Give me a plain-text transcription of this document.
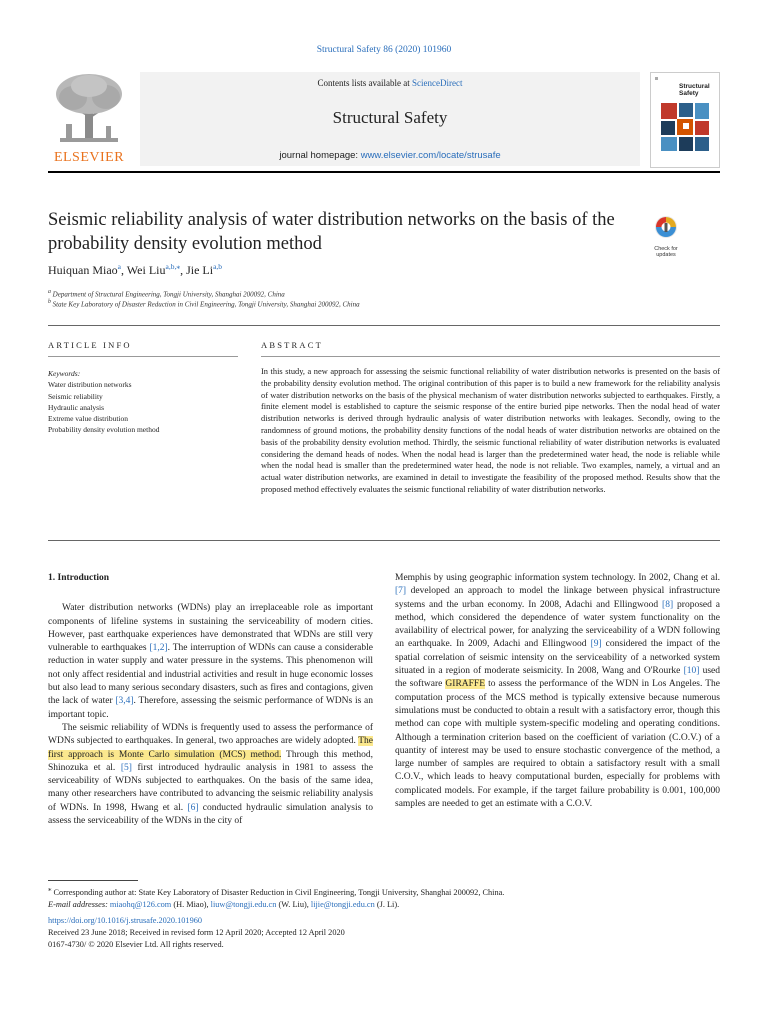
Structural Safety 86 (2020) 101960
ELSEVIER
Contents lists available at ScienceDirect
Structural Safety
journal homepage: www.elsevier.com/locate/strusafe
Structural
Safety
Seismic reliability analysis of water distribution networks on the basis of the probability density evolution method	Check for
updates
Huiquan Miao$^a$, Wei Liu$^{a,b,⁎}$, Jie Li$^{a,b}$
$^a$ Department of Structural Engineering, Tongji University, Shanghai 200092, China
$^b$ State Key Laboratory of Disaster Reduction in Civil Engineering, Tongji University, Shanghai 200092, China
ARTICLE INFO	ABSTRACT
Keywords:
Water distribution networks
Seismic reliability
Hydraulic analysis
Extreme value distribution
Probability density evolution method
In this study, a new approach for assessing the seismic functional reliability of water distribution networks is presented on the basis of the probability density evolution method. The original contribution of this paper is to build a new framework for the reliability analysis of water distribution networks on the basis of the physical mechanism of water distribution networks subjected to earthquakes. Firstly, a finite element model is established to capture the seismic response of the entire buried pipe networks. Then the nodal head of water distribution networks is derived through hydraulic analysis of water distribution networks with leakages. Secondly, owing to the randomness of ground motions, the probability density functions of the nodal heads of water distribution networks are obtained on the basis of the probability density evolution method. Thirdly, the seismic functional reliability of water distribution networks is evaluated considering the demand heads of nodes. When the nodal head is larger than the predetermined water head, the node is reliable while when the nodal head is smaller than the predetermined water head, the node is not reliable. Two examples, namely, a virtual and an actual water distribution networks, are examined in detail to investigate the feasibility of the proposed method. Results show that the proposed method effectively evaluates the seismic functional reliability of water distribution networks.
1. Introduction

Water distribution networks (WDNs) play an irreplaceable role as important components of lifeline systems in sustaining the serviceability of modern cities. However, past earthquake experiences have demonstrated that WDNs are still very vulnerable to earthquakes [1,2]. The interruption of WDNs can cause a considerable reduction in water supply and water pressure in the systems. This phenomenon will not only affect residential and industrial activities and result in huge economic losses but also lead to many serious secondary disasters, such as fires and contagions, given the lack of water [3,4]. Therefore, assessing the seismic performance of WDNs is an important topic.

The seismic reliability of WDNs is frequently used to assess the performance of WDNs subjected to earthquakes. In general, two approaches are widely adopted. The first approach is Monte Carlo simulation (MCS) method. Through this method, Shinozuka et al. [5] first introduced hydraulic analysis in 1981 to assess the serviceability of WDNs subjected to earthquakes. On the basis of the same idea, many other researchers have contributed to advancing the seismic reliability analysis of WDNs. In 1998, Hwang et al. [6] conducted hydraulic simulation analysis to assess the serviceability of the WDNs in the city of

Memphis by using geographic information system technology. In 2002, Chang et al. [7] developed an approach to model the linkage between physical infrastructure systems and the urban economy. In 2008, Adachi and Ellingwood [8] proposed a method, which considered the dependence of water system functionality on the availability of electrical power, for analyzing the serviceability of a WDN following an earthquake. In 2009, Adachi and Ellingwood [9] considered the impact of the spatial correlation of seismic intensity on the serviceability of a networked system situated in a region of moderate seismicity. In 2008, Wang and O'Rourke [10] used the software GIRAFFE to assess the performance of the WDN in Los Angeles. The computation process of the MCS method is typically extensive because numerous simulations must be conducted to obtain a result with a satisfactory error, though this method can cope with multiple system-specific modeling and operating conditions. Although a termination criterion based on the coefficient of variation (C.O.V.) of a quantity of interest may be used to ensure stochastic convergence of the method, a large number of samples are required to obtain a satisfactory result with a small C.O.V., which leads to heavy computational burden, especially for problems with complicated models. For example, if the target failure probability is 0.001, 100,000 samples are needed to get an estimate with a C.O.V.

⁎ Corresponding author at: State Key Laboratory of Disaster Reduction in Civil Engineering, Tongji University, Shanghai 200092, China.
E-mail addresses: miaohq@126.com (H. Miao), liuw@tongji.edu.cn (W. Liu), lijie@tongji.edu.cn (J. Li).
https://doi.org/10.1016/j.strusafe.2020.101960
Received 23 June 2018; Received in revised form 12 April 2020; Accepted 12 April 2020
0167-4730/ © 2020 Elsevier Ltd. All rights reserved.
